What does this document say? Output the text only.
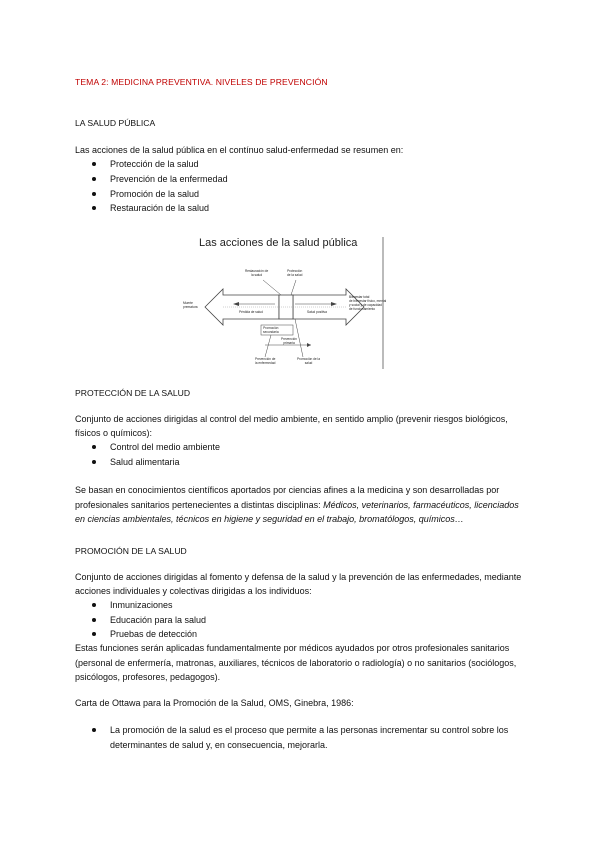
TEMA 2: MEDICINA PREVENTIVA. NIVELES DE PREVENCIÓN
LA SALUD PÚBLICA
Las acciones de la salud pública en el contínuo salud-enfermedad se resumen en:
Protección de la salud
Prevención de la enfermedad
Promoción de la salud
Restauración de la salud
Las acciones de la salud pública
Muerte
prematura
Bienestar total
de bienestar físico, mental
y social y de capacidad
de funcionamiento
Restauración de
la salud
Protección
de la salud
Pérdida de salud	Salud positiva
Promoción
secundaria
Prevención
primaria
Prevención de
la enfermedad
Promoción de la
salud
PROTECCIÓN DE LA SALUD
Conjunto de acciones dirigidas al control del medio ambiente, en sentido amplio (prevenir riesgos biológicos,
físicos o químicos):
Control del medio ambiente
Salud alimentaria
Se basan en conocimientos científicos aportados por ciencias afines a la medicina y son desarrolladas por
profesionales sanitarios pertenecientes a distintas disciplinas: Médicos, veterinarios, farmacéuticos, licenciados
en ciencias ambientales, técnicos en higiene y seguridad en el trabajo, bromatólogos, químicos…
PROMOCIÓN DE LA SALUD
Conjunto de acciones dirigidas al fomento y defensa de la salud y la prevención de las enfermedades, mediante
acciones individuales y colectivas dirigidas a los individuos:
Inmunizaciones
Educación para la salud
Pruebas de detección
Estas funciones serán aplicadas fundamentalmente por médicos ayudados por otros profesionales sanitarios
(personal de enfermería, matronas, auxiliares, técnicos de laboratorio o radiología) o no sanitarios (sociólogos,
psicólogos, profesores, pedagogos).
Carta de Ottawa para la Promoción de la Salud, OMS, Ginebra, 1986:
La promoción de la salud es el proceso que permite a las personas incrementar su control sobre los
determinantes de salud y, en consecuencia, mejorarla.
